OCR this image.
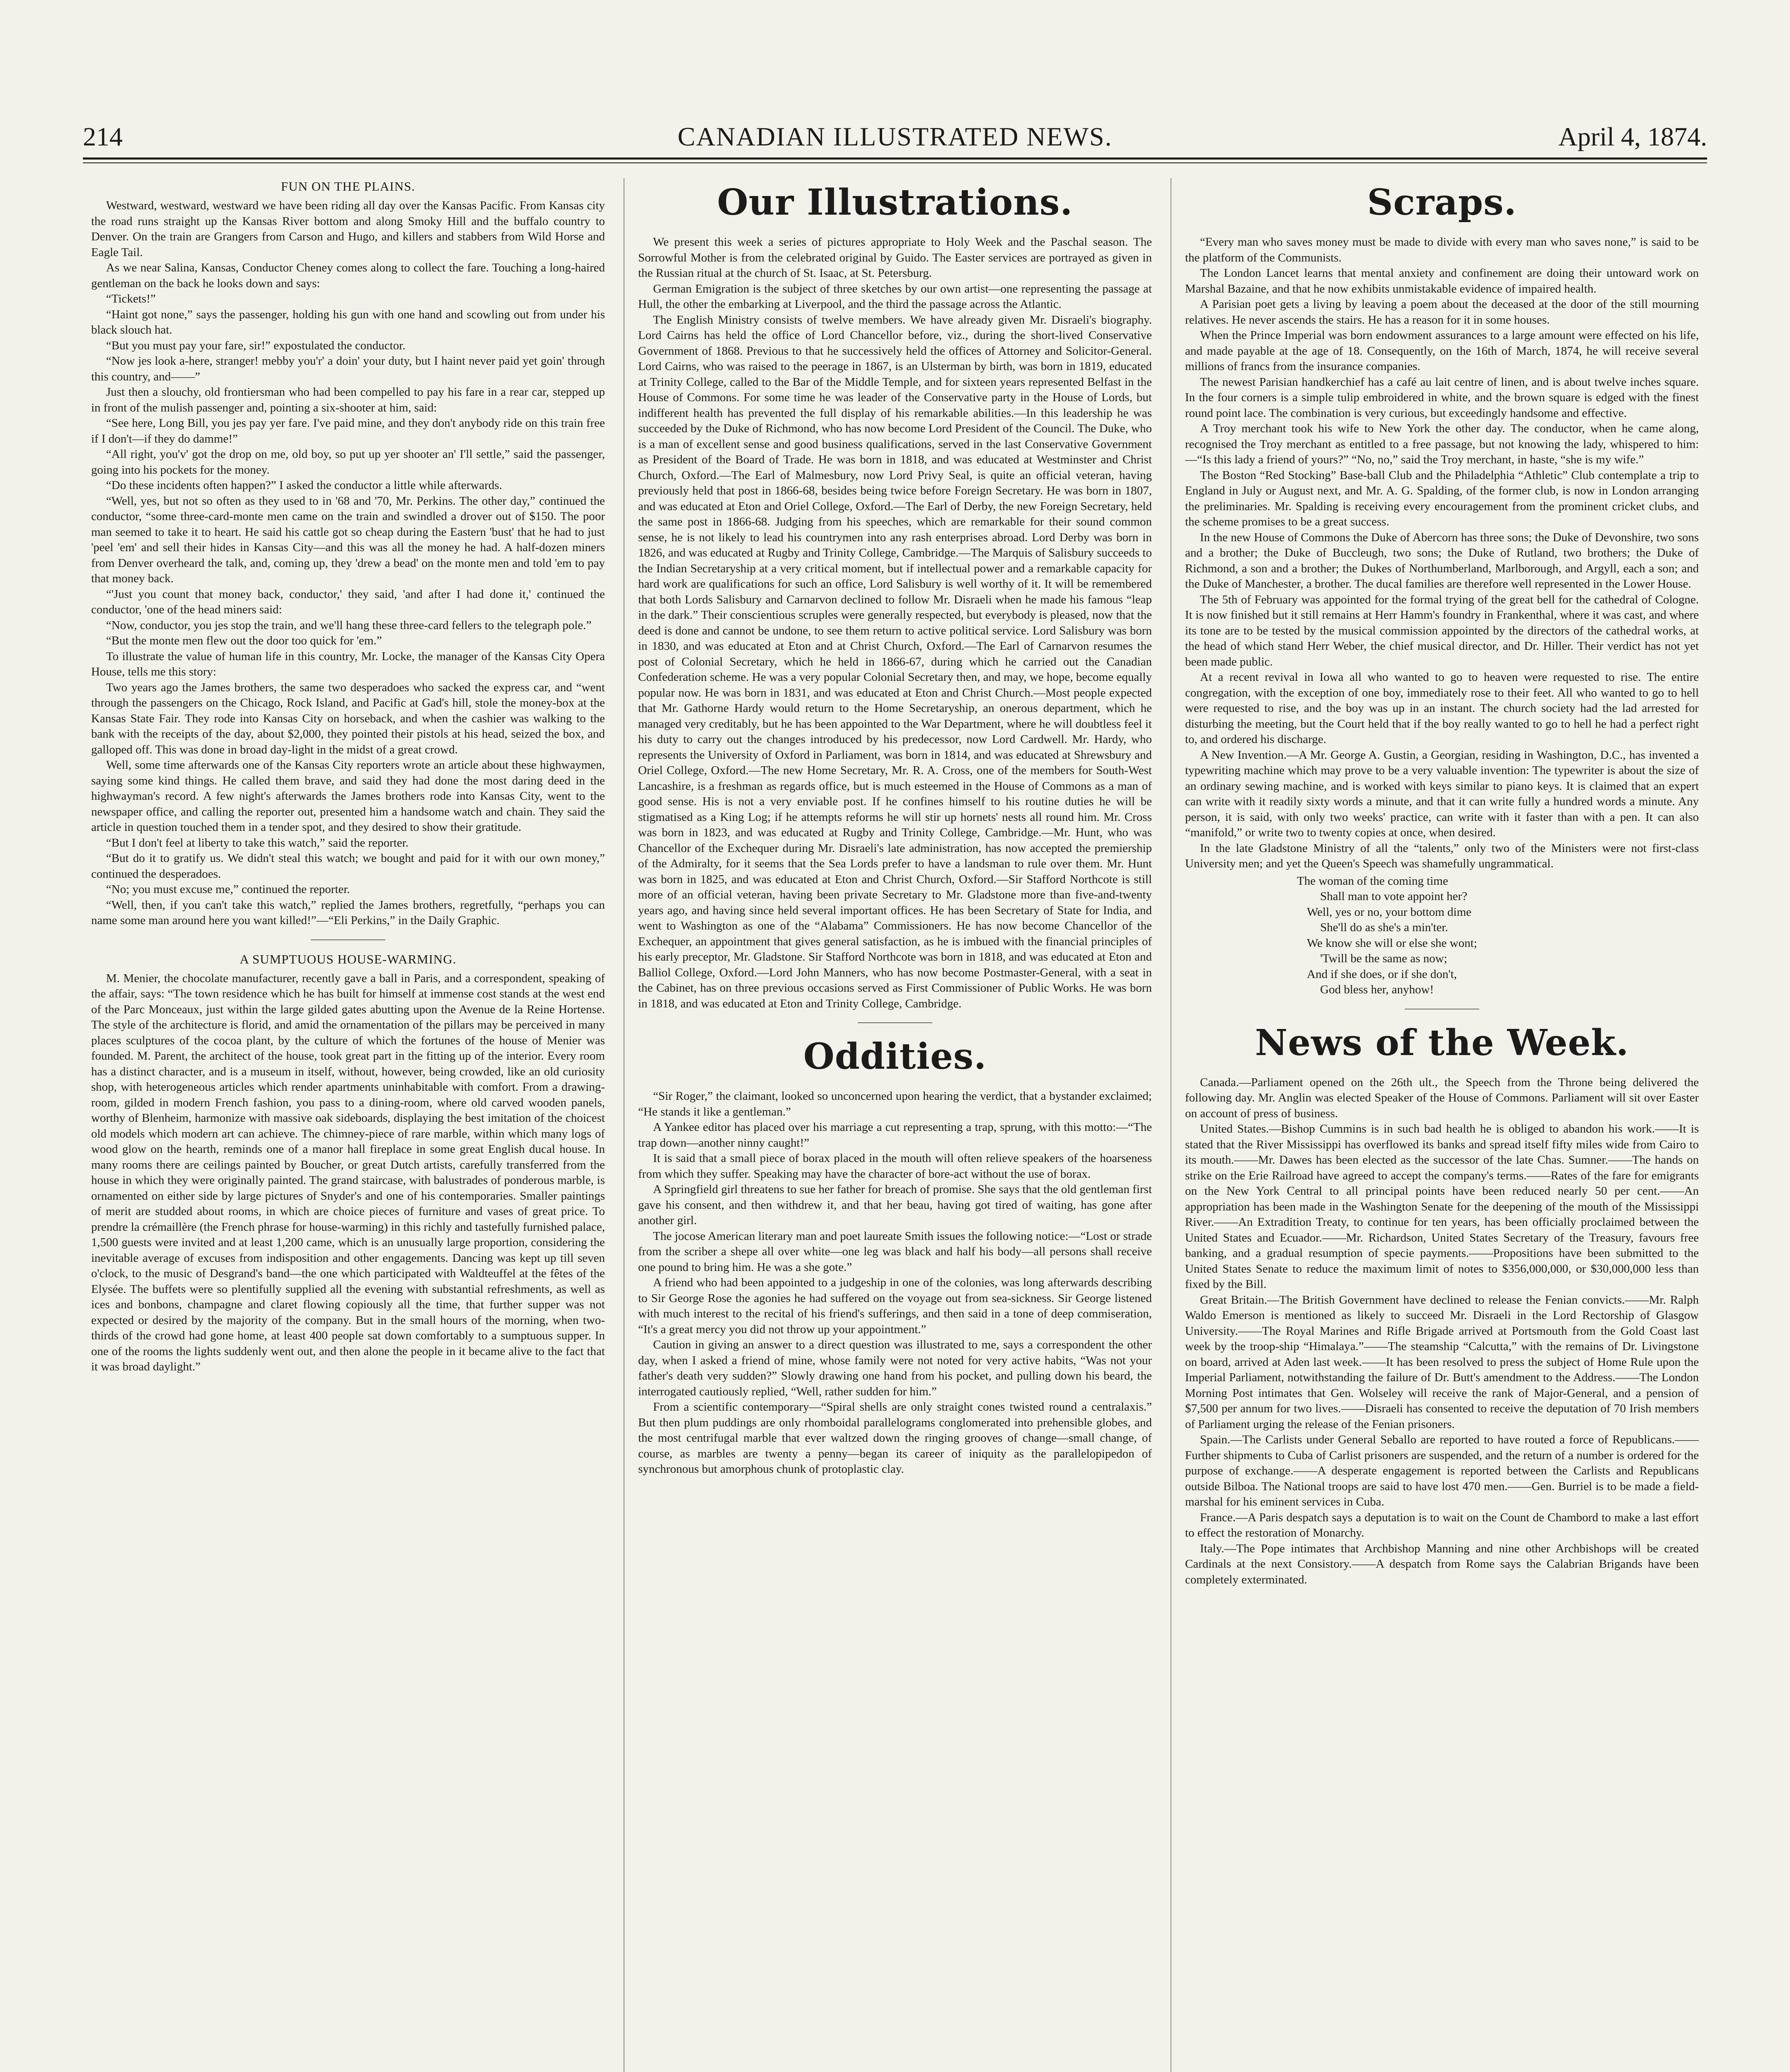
214	CANADIAN ILLUSTRATED NEWS.	April 4, 1874.
FUN ON THE PLAINS.

Westward, westward, westward we have been riding all day over the Kansas Pacific. From Kansas city the road runs straight up the Kansas River bottom and along Smoky Hill and the buffalo country to Denver. On the train are Grangers from Carson and Hugo, and killers and stabbers from Wild Horse and Eagle Tail.

As we near Salina, Kansas, Conductor Cheney comes along to collect the fare. Touching a long-haired gentleman on the back he looks down and says:

“Tickets!”

“Haint got none,” says the passenger, holding his gun with one hand and scowling out from under his black slouch hat.

“But you must pay your fare, sir!” expostulated the conductor.

“Now jes look a-here, stranger! mebby you'r' a doin' your duty, but I haint never paid yet goin' through this country, and——”

Just then a slouchy, old frontiersman who had been compelled to pay his fare in a rear car, stepped up in front of the mulish passenger and, pointing a six-shooter at him, said:

“See here, Long Bill, you jes pay yer fare. I've paid mine, and they don't anybody ride on this train free if I don't—if they do damme!”

“All right, you'v' got the drop on me, old boy, so put up yer shooter an' I'll settle,” said the passenger, going into his pockets for the money.

“Do these incidents often happen?” I asked the conductor a little while afterwards.

“Well, yes, but not so often as they used to in '68 and '70, Mr. Perkins. The other day,” continued the conductor, “some three-card-monte men came on the train and swindled a drover out of $150. The poor man seemed to take it to heart. He said his cattle got so cheap during the Eastern 'bust' that he had to just 'peel 'em' and sell their hides in Kansas City—and this was all the money he had. A half-dozen miners from Denver overheard the talk, and, coming up, they 'drew a bead' on the monte men and told 'em to pay that money back.

“'Just you count that money back, conductor,' they said, 'and after I had done it,' continued the conductor, 'one of the head miners said:

“Now, conductor, you jes stop the train, and we'll hang these three-card fellers to the telegraph pole.”

“But the monte men flew out the door too quick for 'em.”

To illustrate the value of human life in this country, Mr. Locke, the manager of the Kansas City Opera House, tells me this story:

Two years ago the James brothers, the same two desperadoes who sacked the express car, and “went through the passengers on the Chicago, Rock Island, and Pacific at Gad's hill, stole the money-box at the Kansas State Fair. They rode into Kansas City on horseback, and when the cashier was walking to the bank with the receipts of the day, about $2,000, they pointed their pistols at his head, seized the box, and galloped off. This was done in broad day-light in the midst of a great crowd.

Well, some time afterwards one of the Kansas City reporters wrote an article about these highwaymen, saying some kind things. He called them brave, and said they had done the most daring deed in the highwayman's record. A few night's afterwards the James brothers rode into Kansas City, went to the newspaper office, and calling the reporter out, presented him a handsome watch and chain. They said the article in question touched them in a tender spot, and they desired to show their gratitude.

“But I don't feel at liberty to take this watch,” said the reporter.

“But do it to gratify us. We didn't steal this watch; we bought and paid for it with our own money,” continued the desperadoes.

“No; you must excuse me,” continued the reporter.

“Well, then, if you can't take this watch,” replied the James brothers, regretfully, “perhaps you can name some man around here you want killed!”—“Eli Perkins,” in the Daily Graphic.

A SUMPTUOUS HOUSE-WARMING.

M. Menier, the chocolate manufacturer, recently gave a ball in Paris, and a correspondent, speaking of the affair, says: “The town residence which he has built for himself at immense cost stands at the west end of the Parc Monceaux, just within the large gilded gates abutting upon the Avenue de la Reine Hortense. The style of the architecture is florid, and amid the ornamentation of the pillars may be perceived in many places sculptures of the cocoa plant, by the culture of which the fortunes of the house of Menier was founded. M. Parent, the architect of the house, took great part in the fitting up of the interior. Every room has a distinct character, and is a museum in itself, without, however, being crowded, like an old curiosity shop, with heterogeneous articles which render apartments uninhabitable with comfort. From a drawing-room, gilded in modern French fashion, you pass to a dining-room, where old carved wooden panels, worthy of Blenheim, harmonize with massive oak sideboards, displaying the best imitation of the choicest old models which modern art can achieve. The chimney-piece of rare marble, within which many logs of wood glow on the hearth, reminds one of a manor hall fireplace in some great English ducal house. In many rooms there are ceilings painted by Boucher, or great Dutch artists, carefully transferred from the house in which they were originally painted. The grand staircase, with balustrades of ponderous marble, is ornamented on either side by large pictures of Snyder's and one of his contemporaries. Smaller paintings of merit are studded about rooms, in which are choice pieces of furniture and vases of great price. To prendre la crémaillère (the French phrase for house-warming) in this richly and tastefully furnished palace, 1,500 guests were invited and at least 1,200 came, which is an unusually large proportion, considering the inevitable average of excuses from indisposition and other engagements. Dancing was kept up till seven o'clock, to the music of Desgrand's band—the one which participated with Waldteuffel at the fêtes of the Elysée. The buffets were so plentifully supplied all the evening with substantial refreshments, as well as ices and bonbons, champagne and claret flowing copiously all the time, that further supper was not expected or desired by the majority of the company. But in the small hours of the morning, when two-thirds of the crowd had gone home, at least 400 people sat down comfortably to a sumptuous supper. In one of the rooms the lights suddenly went out, and then alone the people in it became alive to the fact that it was broad daylight.”

Our Illustrations.

We present this week a series of pictures appropriate to Holy Week and the Paschal season. The Sorrowful Mother is from the celebrated original by Guido. The Easter services are portrayed as given in the Russian ritual at the church of St. Isaac, at St. Petersburg.

German Emigration is the subject of three sketches by our own artist—one representing the passage at Hull, the other the embarking at Liverpool, and the third the passage across the Atlantic.

The English Ministry consists of twelve members. We have already given Mr. Disraeli's biography. Lord Cairns has held the office of Lord Chancellor before, viz., during the short-lived Conservative Government of 1868. Previous to that he successively held the offices of Attorney and Solicitor-General. Lord Cairns, who was raised to the peerage in 1867, is an Ulsterman by birth, was born in 1819, educated at Trinity College, called to the Bar of the Middle Temple, and for sixteen years represented Belfast in the House of Commons. For some time he was leader of the Conservative party in the House of Lords, but indifferent health has prevented the full display of his remarkable abilities.—In this leadership he was succeeded by the Duke of Richmond, who has now become Lord President of the Council. The Duke, who is a man of excellent sense and good business qualifications, served in the last Conservative Government as President of the Board of Trade. He was born in 1818, and was educated at Westminster and Christ Church, Oxford.—The Earl of Malmesbury, now Lord Privy Seal, is quite an official veteran, having previously held that post in 1866-68, besides being twice before Foreign Secretary. He was born in 1807, and was educated at Eton and Oriel College, Oxford.—The Earl of Derby, the new Foreign Secretary, held the same post in 1866-68. Judging from his speeches, which are remarkable for their sound common sense, he is not likely to lead his countrymen into any rash enterprises abroad. Lord Derby was born in 1826, and was educated at Rugby and Trinity College, Cambridge.—The Marquis of Salisbury succeeds to the Indian Secretaryship at a very critical moment, but if intellectual power and a remarkable capacity for hard work are qualifications for such an office, Lord Salisbury is well worthy of it. It will be remembered that both Lords Salisbury and Carnarvon declined to follow Mr. Disraeli when he made his famous “leap in the dark.” Their conscientious scruples were generally respected, but everybody is pleased, now that the deed is done and cannot be undone, to see them return to active political service. Lord Salisbury was born in 1830, and was educated at Eton and at Christ Church, Oxford.—The Earl of Carnarvon resumes the post of Colonial Secretary, which he held in 1866-67, during which he carried out the Canadian Confederation scheme. He was a very popular Colonial Secretary then, and may, we hope, become equally popular now. He was born in 1831, and was educated at Eton and Christ Church.—Most people expected that Mr. Gathorne Hardy would return to the Home Secretaryship, an onerous department, which he managed very creditably, but he has been appointed to the War Department, where he will doubtless feel it his duty to carry out the changes introduced by his predecessor, now Lord Cardwell. Mr. Hardy, who represents the University of Oxford in Parliament, was born in 1814, and was educated at Shrewsbury and Oriel College, Oxford.—The new Home Secretary, Mr. R. A. Cross, one of the members for South-West Lancashire, is a freshman as regards office, but is much esteemed in the House of Commons as a man of good sense. His is not a very enviable post. If he confines himself to his routine duties he will be stigmatised as a King Log; if he attempts reforms he will stir up hornets' nests all round him. Mr. Cross was born in 1823, and was educated at Rugby and Trinity College, Cambridge.—Mr. Hunt, who was Chancellor of the Exchequer during Mr. Disraeli's late administration, has now accepted the premiership of the Admiralty, for it seems that the Sea Lords prefer to have a landsman to rule over them. Mr. Hunt was born in 1825, and was educated at Eton and Christ Church, Oxford.—Sir Stafford Northcote is still more of an official veteran, having been private Secretary to Mr. Gladstone more than five-and-twenty years ago, and having since held several important offices. He has been Secretary of State for India, and went to Washington as one of the “Alabama” Commissioners. He has now become Chancellor of the Exchequer, an appointment that gives general satisfaction, as he is imbued with the financial principles of his early preceptor, Mr. Gladstone. Sir Stafford Northcote was born in 1818, and was educated at Eton and Balliol College, Oxford.—Lord John Manners, who has now become Postmaster-General, with a seat in the Cabinet, has on three previous occasions served as First Commissioner of Public Works. He was born in 1818, and was educated at Eton and Trinity College, Cambridge.

Oddities.

“Sir Roger,” the claimant, looked so unconcerned upon hearing the verdict, that a bystander exclaimed; “He stands it like a gentleman.”

A Yankee editor has placed over his marriage a cut representing a trap, sprung, with this motto:—“The trap down—another ninny caught!”

It is said that a small piece of borax placed in the mouth will often relieve speakers of the hoarseness from which they suffer. Speaking may have the character of bore-act without the use of borax.

A Springfield girl threatens to sue her father for breach of promise. She says that the old gentleman first gave his consent, and then withdrew it, and that her beau, having got tired of waiting, has gone after another girl.

The jocose American literary man and poet laureate Smith issues the following notice:—“Lost or strade from the scriber a shepe all over white—one leg was black and half his body—all persons shall receive one pound to bring him. He was a she gote.”

A friend who had been appointed to a judgeship in one of the colonies, was long afterwards describing to Sir George Rose the agonies he had suffered on the voyage out from sea-sickness. Sir George listened with much interest to the recital of his friend's sufferings, and then said in a tone of deep commiseration, “It's a great mercy you did not throw up your appointment.”

Caution in giving an answer to a direct question was illustrated to me, says a correspondent the other day, when I asked a friend of mine, whose family were not noted for very active habits, “Was not your father's death very sudden?” Slowly drawing one hand from his pocket, and pulling down his beard, the interrogated cautiously replied, “Well, rather sudden for him.”

From a scientific contemporary—“Spiral shells are only straight cones twisted round a centralaxis.” But then plum puddings are only rhomboidal parallelograms conglomerated into prehensible globes, and the most centrifugal marble that ever waltzed down the ringing grooves of change—small change, of course, as marbles are twenty a penny—began its career of iniquity as the parallelopipedon of synchronous but amorphous chunk of protoplastic clay.

Scraps.

“Every man who saves money must be made to divide with every man who saves none,” is said to be the platform of the Communists.

The London Lancet learns that mental anxiety and confinement are doing their untoward work on Marshal Bazaine, and that he now exhibits unmistakable evidence of impaired health.

A Parisian poet gets a living by leaving a poem about the deceased at the door of the still mourning relatives. He never ascends the stairs. He has a reason for it in some houses.

When the Prince Imperial was born endowment assurances to a large amount were effected on his life, and made payable at the age of 18. Consequently, on the 16th of March, 1874, he will receive several millions of francs from the insurance companies.

The newest Parisian handkerchief has a café au lait centre of linen, and is about twelve inches square. In the four corners is a simple tulip embroidered in white, and the brown square is edged with the finest round point lace. The combination is very curious, but exceedingly handsome and effective.

A Troy merchant took his wife to New York the other day. The conductor, when he came along, recognised the Troy merchant as entitled to a free passage, but not knowing the lady, whispered to him:—“Is this lady a friend of yours?” “No, no,” said the Troy merchant, in haste, “she is my wife.”

The Boston “Red Stocking” Base-ball Club and the Philadelphia “Athletic” Club contemplate a trip to England in July or August next, and Mr. A. G. Spalding, of the former club, is now in London arranging the preliminaries. Mr. Spalding is receiving every encouragement from the prominent cricket clubs, and the scheme promises to be a great success.

In the new House of Commons the Duke of Abercorn has three sons; the Duke of Devonshire, two sons and a brother; the Duke of Buccleugh, two sons; the Duke of Rutland, two brothers; the Duke of Richmond, a son and a brother; the Dukes of Northumberland, Marlborough, and Argyll, each a son; and the Duke of Manchester, a brother. The ducal families are therefore well represented in the Lower House.

The 5th of February was appointed for the formal trying of the great bell for the cathedral of Cologne. It is now finished but it still remains at Herr Hamm's foundry in Frankenthal, where it was cast, and where its tone are to be tested by the musical commission appointed by the directors of the cathedral works, at the head of which stand Herr Weber, the chief musical director, and Dr. Hiller. Their verdict has not yet been made public.

At a recent revival in Iowa all who wanted to go to heaven were requested to rise. The entire congregation, with the exception of one boy, immediately rose to their feet. All who wanted to go to hell were requested to rise, and the boy was up in an instant. The church society had the lad arrested for disturbing the meeting, but the Court held that if the boy really wanted to go to hell he had a perfect right to, and ordered his discharge.

A New Invention.—A Mr. George A. Gustin, a Georgian, residing in Washington, D.C., has invented a typewriting machine which may prove to be a very valuable invention: The typewriter is about the size of an ordinary sewing machine, and is worked with keys similar to piano keys. It is claimed that an expert can write with it readily sixty words a minute, and that it can write fully a hundred words a minute. Any person, it is said, with only two weeks' practice, can write with it faster than with a pen. It can also “manifold,” or write two to twenty copies at once, when desired.

In the late Gladstone Ministry of all the “talents,” only two of the Ministers were not first-class University men; and yet the Queen's Speech was shamefully ungrammatical.

The woman of the coming time
Shall man to vote appoint her?
Well, yes or no, your bottom dime
She'll do as she's a min'ter.
We know she will or else she wont;
'Twill be the same as now;
And if she does, or if she don't,
God bless her, anyhow!
News of the Week.

Canada.—Parliament opened on the 26th ult., the Speech from the Throne being delivered the following day. Mr. Anglin was elected Speaker of the House of Commons. Parliament will sit over Easter on account of press of business.

United States.—Bishop Cummins is in such bad health he is obliged to abandon his work.——It is stated that the River Mississippi has overflowed its banks and spread itself fifty miles wide from Cairo to its mouth.——Mr. Dawes has been elected as the successor of the late Chas. Sumner.——The hands on strike on the Erie Railroad have agreed to accept the company's terms.——Rates of the fare for emigrants on the New York Central to all principal points have been reduced nearly 50 per cent.——An appropriation has been made in the Washington Senate for the deepening of the mouth of the Mississippi River.——An Extradition Treaty, to continue for ten years, has been officially proclaimed between the United States and Ecuador.——Mr. Richardson, United States Secretary of the Treasury, favours free banking, and a gradual resumption of specie payments.——Propositions have been submitted to the United States Senate to reduce the maximum limit of notes to $356,000,000, or $30,000,000 less than fixed by the Bill.

Great Britain.—The British Government have declined to release the Fenian convicts.——Mr. Ralph Waldo Emerson is mentioned as likely to succeed Mr. Disraeli in the Lord Rectorship of Glasgow University.——The Royal Marines and Rifle Brigade arrived at Portsmouth from the Gold Coast last week by the troop-ship “Himalaya.”——The steamship “Calcutta,” with the remains of Dr. Livingstone on board, arrived at Aden last week.——It has been resolved to press the subject of Home Rule upon the Imperial Parliament, notwithstanding the failure of Dr. Butt's amendment to the Address.——The London Morning Post intimates that Gen. Wolseley will receive the rank of Major-General, and a pension of $7,500 per annum for two lives.——Disraeli has consented to receive the deputation of 70 Irish members of Parliament urging the release of the Fenian prisoners.

Spain.—The Carlists under General Seballo are reported to have routed a force of Republicans.——Further shipments to Cuba of Carlist prisoners are suspended, and the return of a number is ordered for the purpose of exchange.——A desperate engagement is reported between the Carlists and Republicans outside Bilboa. The National troops are said to have lost 470 men.——Gen. Burriel is to be made a field-marshal for his eminent services in Cuba.

France.—A Paris despatch says a deputation is to wait on the Count de Chambord to make a last effort to effect the restoration of Monarchy.

Italy.—The Pope intimates that Archbishop Manning and nine other Archbishops will be created Cardinals at the next Consistory.——A despatch from Rome says the Calabrian Brigands have been completely exterminated.
